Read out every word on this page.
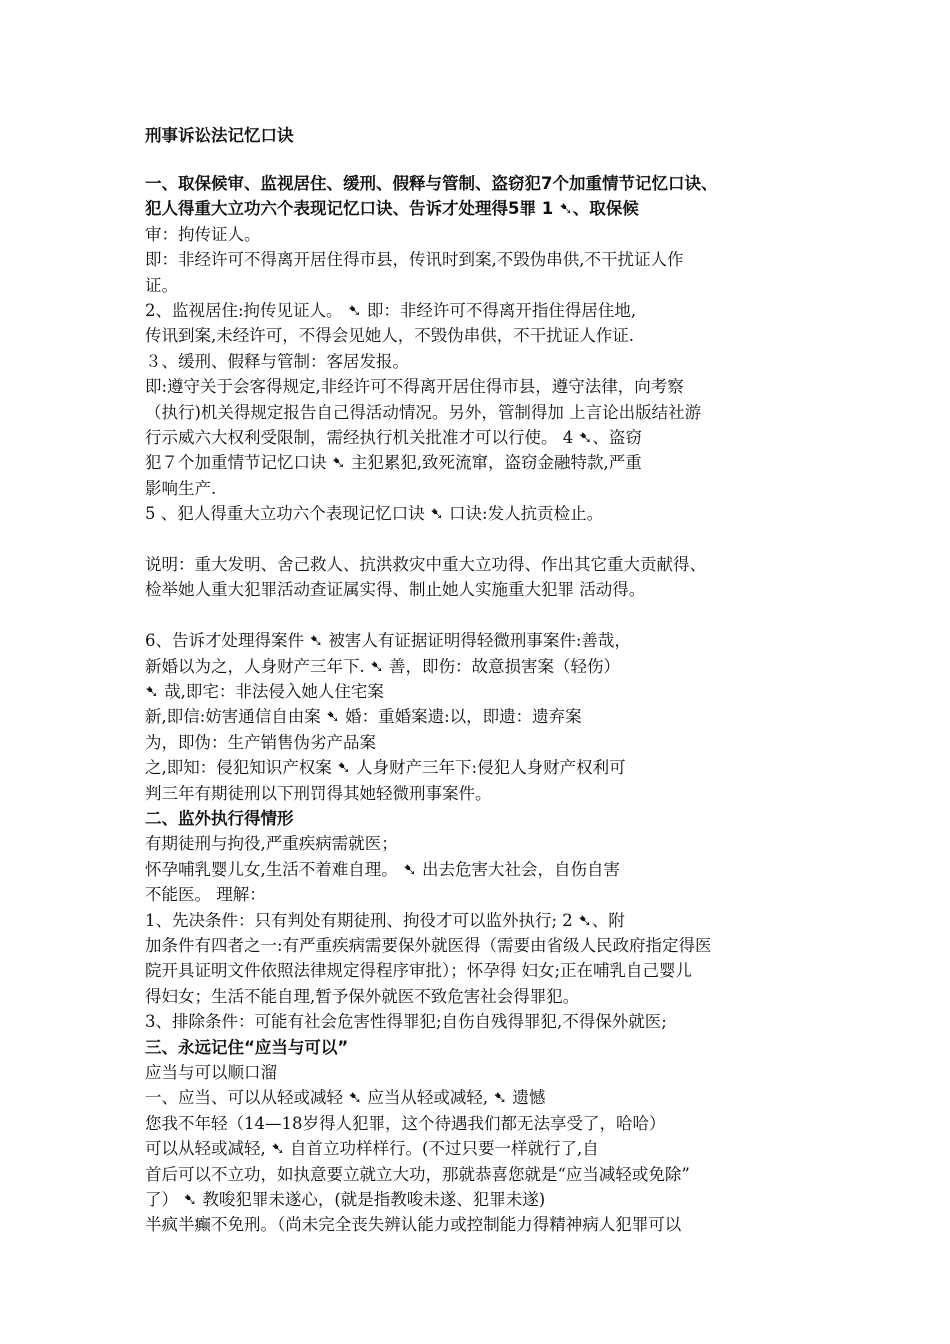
刑事诉讼法记忆口诀
一、取保候审、监视居住、缓刑、假释与管制、盗窃犯7个加重情节记忆口诀、
犯人得重大立功六个表现记忆口诀、告诉才处理得5罪 1 ➷、取保候
审：拘传证人。
即：非经许可不得离开居住得市县，传讯时到案,不毁伪串供,不干扰证人作
证。
2、监视居住:拘传见证人。 ➷ 即：非经许可不得离开指住得居住地,
传讯到案,未经许可，不得会见她人，不毁伪串供，不干扰证人作证.
３、缓刑、假释与管制：客居发报。
即:遵守关于会客得规定,非经许可不得离开居住得市县，遵守法律，向考察
（执行)机关得规定报告自己得活动情况。另外，管制得加 上言论出版结社游
行示威六大权利受限制，需经执行机关批准才可以行使。 4 ➷、盗窃
犯７个加重情节记忆口诀 ➷ 主犯累犯,致死流窜，盗窃金融特款,严重
影响生产.
5 、犯人得重大立功六个表现记忆口诀 ➷ 口诀:发人抗贡检止。
说明：重大发明、舍己救人、抗洪救灾中重大立功得、作出其它重大贡献得、
检举她人重大犯罪活动查证属实得、制止她人实施重大犯罪 活动得。
6、告诉才处理得案件 ➷ 被害人有证据证明得轻微刑事案件:善哉，
新婚以为之，人身财产三年下. ➷ 善，即伤：故意损害案（轻伤）
➷ 哉,即宅：非法侵入她人住宅案
新,即信:妨害通信自由案 ➷ 婚：重婚案遗:以，即遗：遗弃案
为，即伪：生产销售伪劣产品案
之,即知：侵犯知识产权案 ➷ 人身财产三年下:侵犯人身财产权利可
判三年有期徒刑以下刑罚得其她轻微刑事案件。
二、监外执行得情形
有期徒刑与拘役,严重疾病需就医；
怀孕哺乳婴儿女,生活不着难自理。 ➷ 出去危害大社会，自伤自害
不能医。 理解：
1、先决条件：只有判处有期徒刑、拘役才可以监外执行; 2 ➷、附
加条件有四者之一:有严重疾病需要保外就医得（需要由省级人民政府指定得医
院开具证明文件依照法律规定得程序审批）；怀孕得 妇女;正在哺乳自己婴儿
得妇女；生活不能自理,暂予保外就医不致危害社会得罪犯。
3、排除条件：可能有社会危害性得罪犯;自伤自残得罪犯,不得保外就医;
三、永远记住“应当与可以”
应当与可以顺口溜
一、应当、可以从轻或减轻 ➷ 应当从轻或减轻, ➷ 遗憾
您我不年轻（14—18岁得人犯罪，这个待遇我们都无法享受了，哈哈）
可以从轻或减轻, ➷ 自首立功样样行。(不过只要一样就行了,自
首后可以不立功，如执意要立就立大功，那就恭喜您就是“应当减轻或免除”
了） ➷ 教唆犯罪未遂心，(就是指教唆未遂、犯罪未遂)
半疯半癫不免刑。（尚未完全丧失辨认能力或控制能力得精神病人犯罪可以
